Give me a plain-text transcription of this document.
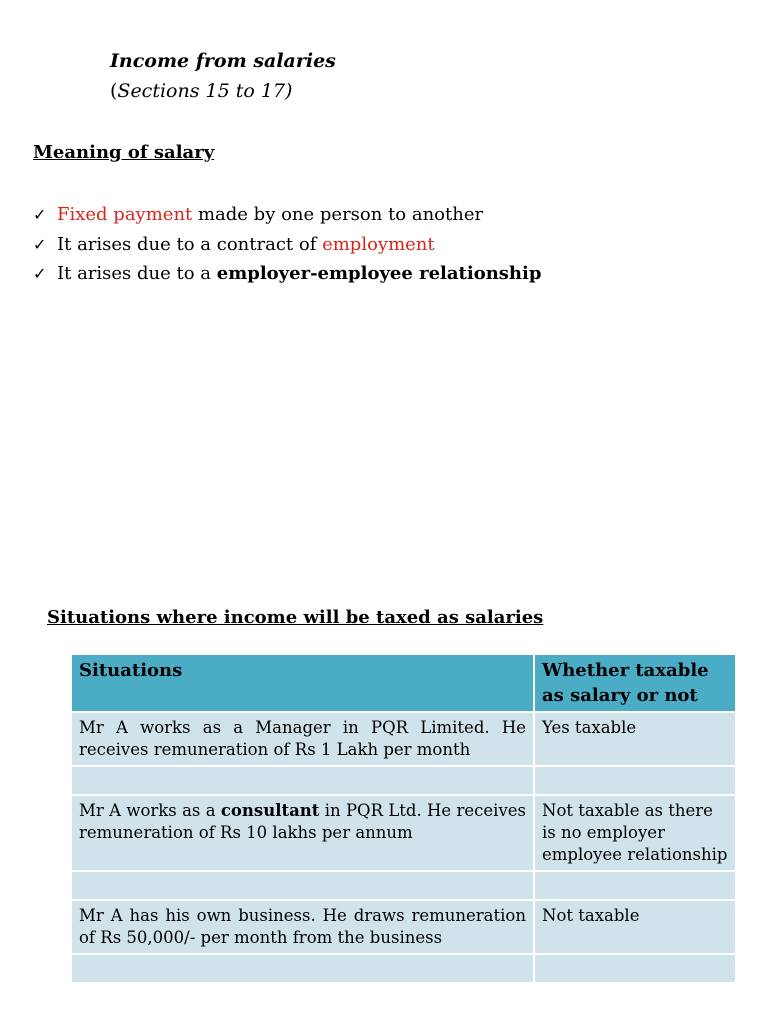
Income from salaries
(Sections 15 to 17)
Meaning of salary
✓ Fixed payment made by one person to another
✓ It arises due to a contract of employment
✓ It arises due to a employer-employee relationship
Situations where income will be taxed as salaries
Situations	Whether taxable as salary or not
Mr A works as a Manager in PQR Limited. He receives remuneration of Rs 1 Lakh per month	Yes taxable

Mr A works as a consultant in PQR Ltd. He receives remuneration of Rs 10 lakhs per annum	Not taxable as there is no employer employee relationship

Mr A has his own business. He draws remuneration of Rs 50,000/- per month from the business	Not taxable
